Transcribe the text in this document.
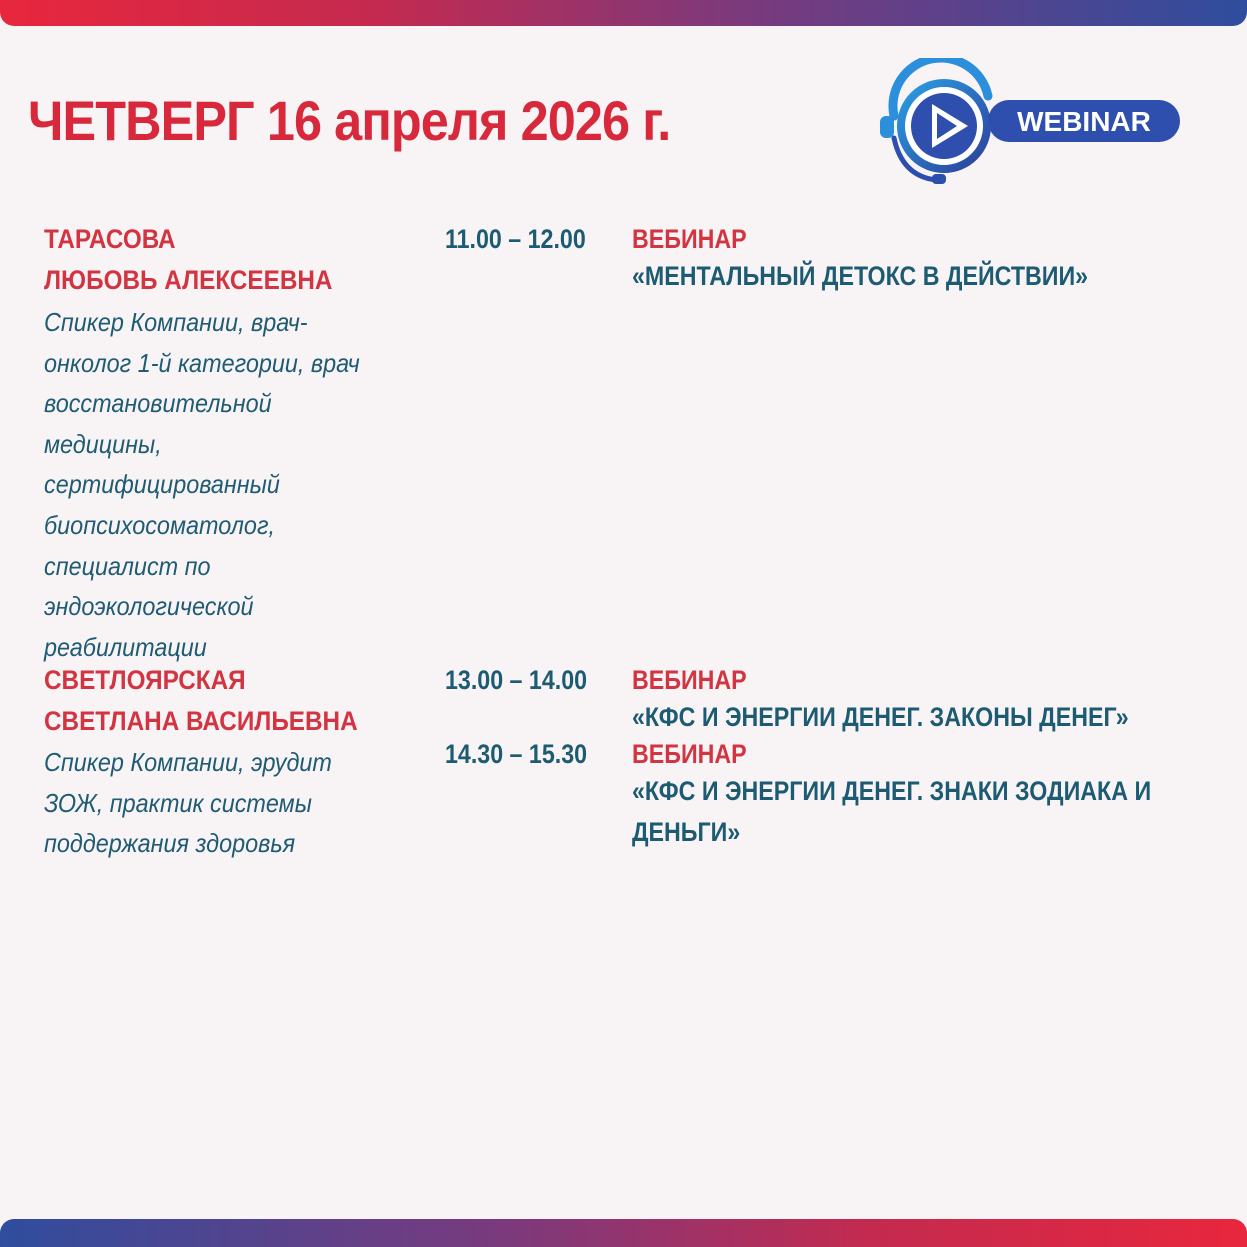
ЧЕТВЕРГ 16 апреля 2026 г.	WEBINAR
ТАРАСОВА
ЛЮБОВЬ АЛЕКСЕЕВНА
Спикер Компании, врач-
онколог 1-й категории, врач
восстановительной
медицины,
сертифицированный
биопсихосоматолог,
специалист по
эндоэкологической
реабилитации
11.00 – 12.00 ВЕБИНАР
«МЕНТАЛЬНЫЙ ДЕТОКС В ДЕЙСТВИИ»
СВЕТЛОЯРСКАЯ
СВЕТЛАНА ВАСИЛЬЕВНА
Спикер Компании, эрудит
ЗОЖ, практик системы
поддержания здоровья
13.00 – 14.00 ВЕБИНАР
«КФС И ЭНЕРГИИ ДЕНЕГ. ЗАКОНЫ ДЕНЕГ»
14.30 – 15.30 ВЕБИНАР
«КФС И ЭНЕРГИИ ДЕНЕГ. ЗНАКИ ЗОДИАКА И
ДЕНЬГИ»
